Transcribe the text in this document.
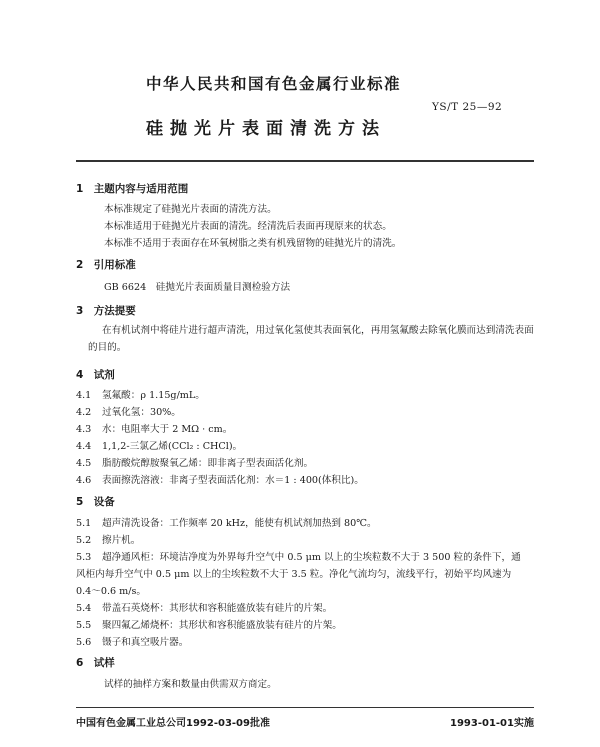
中华人民共和国有色金属行业标准
YS/T 25—92
硅抛光片表面清洗方法
1　主题内容与适用范围
本标准规定了硅抛光片表面的清洗方法。
本标准适用于硅抛光片表面的清洗。经清洗后表面再现原来的状态。
本标准不适用于表面存在环氧树脂之类有机残留物的硅抛光片的清洗。
2　引用标准
GB 6624　硅抛光片表面质量目测检验方法
3　方法提要
在有机试剂中将硅片进行超声清洗，用过氧化氢使其表面氧化，再用氢氟酸去除氧化膜而达到清洗表面的目的。
4　试剂
4.1 氢氟酸：ρ 1.15g/mL。
4.2 过氧化氢：30%。
4.3 水：电阻率大于 2 MΩ · cm。
4.4 1,1,2-三氯乙烯(CCl₂ : CHCl)。
4.5 脂肪酸烷醇胺聚氧乙烯：即非离子型表面活化剂。
4.6 表面擦洗溶液：非离子型表面活化剂：水＝1 : 400(体积比)。
5　设备
5.1 超声清洗设备：工作频率 20 kHz，能使有机试剂加热到 80℃。
5.2 擦片机。
5.3 超净通风柜：环境洁净度为外界每升空气中 0.5 μm 以上的尘埃粒数不大于 3 500 粒的条件下，通
风柜内每升空气中 0.5 μm 以上的尘埃粒数不大于 3.5 粒。净化气流均匀，流线平行，初始平均风速为
0.4～0.6 m/s。
5.4 带盖石英烧杯：其形状和容积能盛放装有硅片的片架。
5.5 聚四氟乙烯烧杯：其形状和容积能盛放装有硅片的片架。
5.6 镊子和真空吸片器。
6　试样
试样的抽样方案和数量由供需双方商定。
中国有色金属工业总公司1992-03-09批准	1993-01-01实施
